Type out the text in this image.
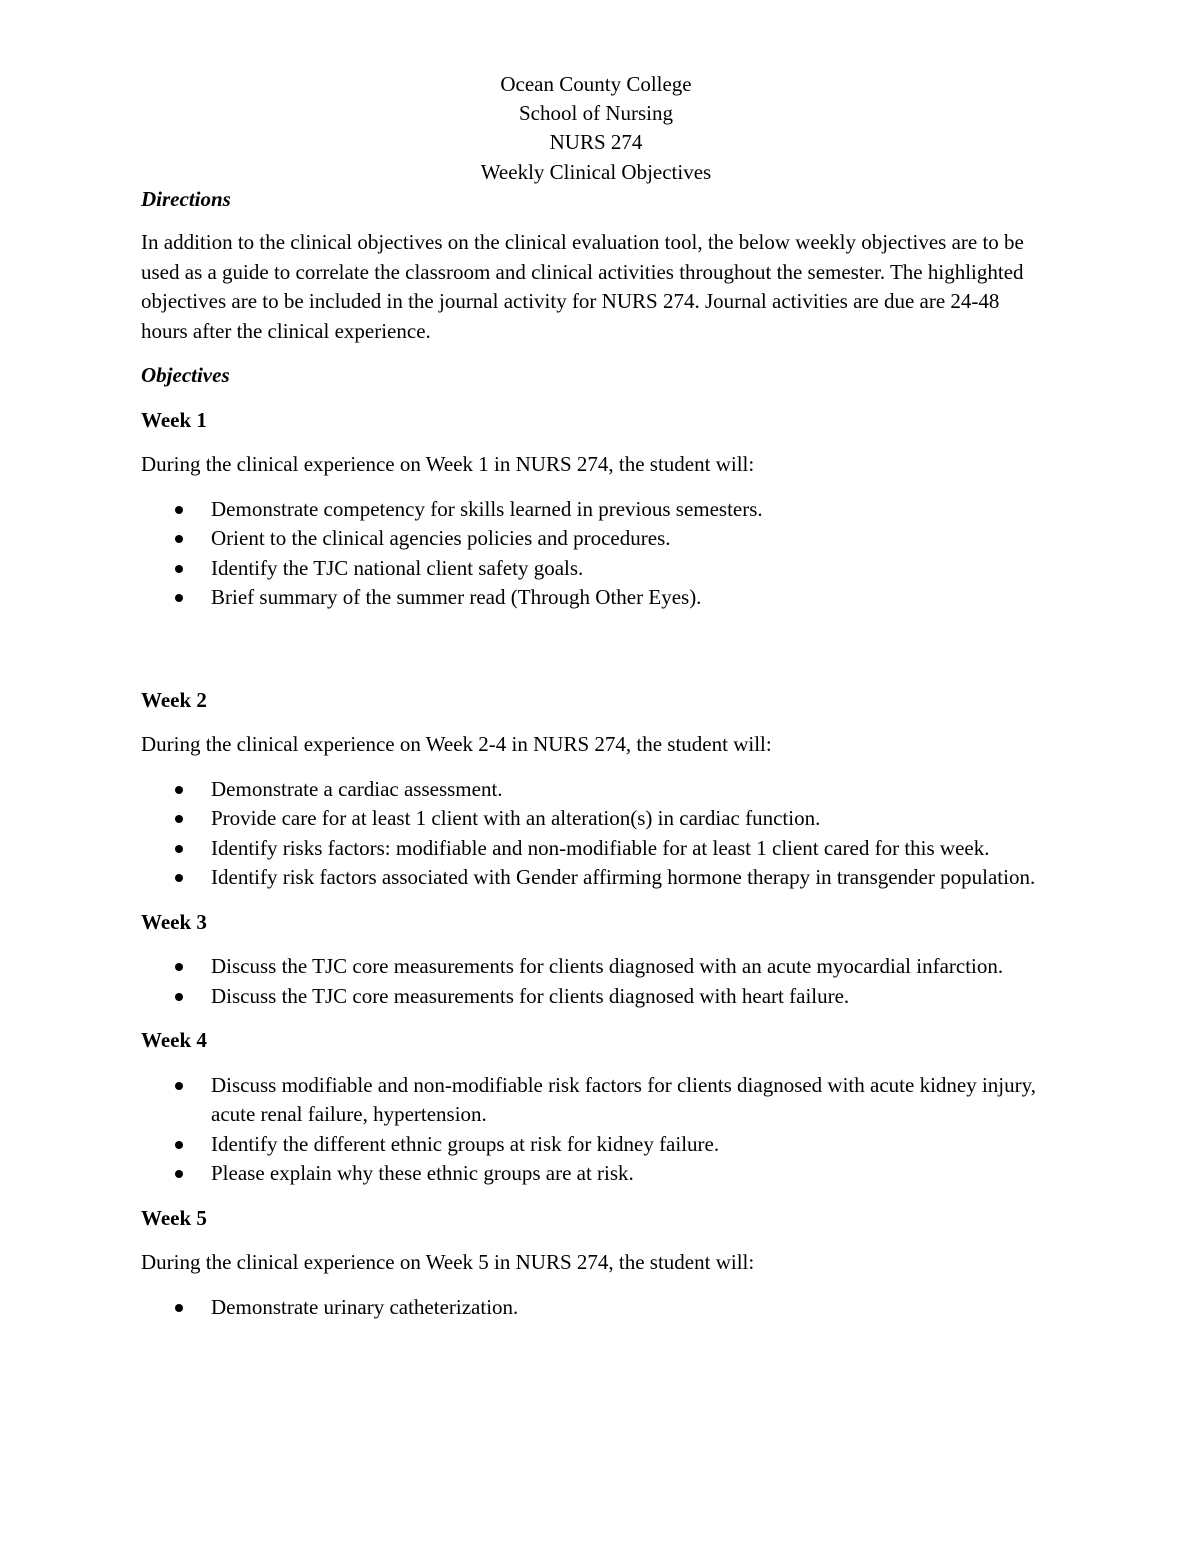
Ocean County College
School of Nursing
NURS 274
Weekly Clinical Objectives
Directions

In addition to the clinical objectives on the clinical evaluation tool, the below weekly objectives are to be used as a guide to correlate the classroom and clinical activities throughout the semester. The highlighted objectives are to be included in the journal activity for NURS 274. Journal activities are due are 24-48 hours after the clinical experience.

Objectives
Week 1

During the clinical experience on Week 1 in NURS 274, the student will:

Demonstrate competency for skills learned in previous semesters.
Orient to the clinical agencies policies and procedures.
Identify the TJC national client safety goals.
Brief summary of the summer read (Through Other Eyes).
Week 2

During the clinical experience on Week 2-4 in NURS 274, the student will:

Demonstrate a cardiac assessment.
Provide care for at least 1 client with an alteration(s) in cardiac function.
Identify risks factors: modifiable and non-modifiable for at least 1 client cared for this week.
Identify risk factors associated with Gender affirming hormone therapy in transgender population.
Week 3
Discuss the TJC core measurements for clients diagnosed with an acute myocardial infarction.
Discuss the TJC core measurements for clients diagnosed with heart failure.
Week 4
Discuss modifiable and non-modifiable risk factors for clients diagnosed with acute kidney injury, acute renal failure, hypertension.
Identify the different ethnic groups at risk for kidney failure.
Please explain why these ethnic groups are at risk.
Week 5

During the clinical experience on Week 5 in NURS 274, the student will:

Demonstrate urinary catheterization.
